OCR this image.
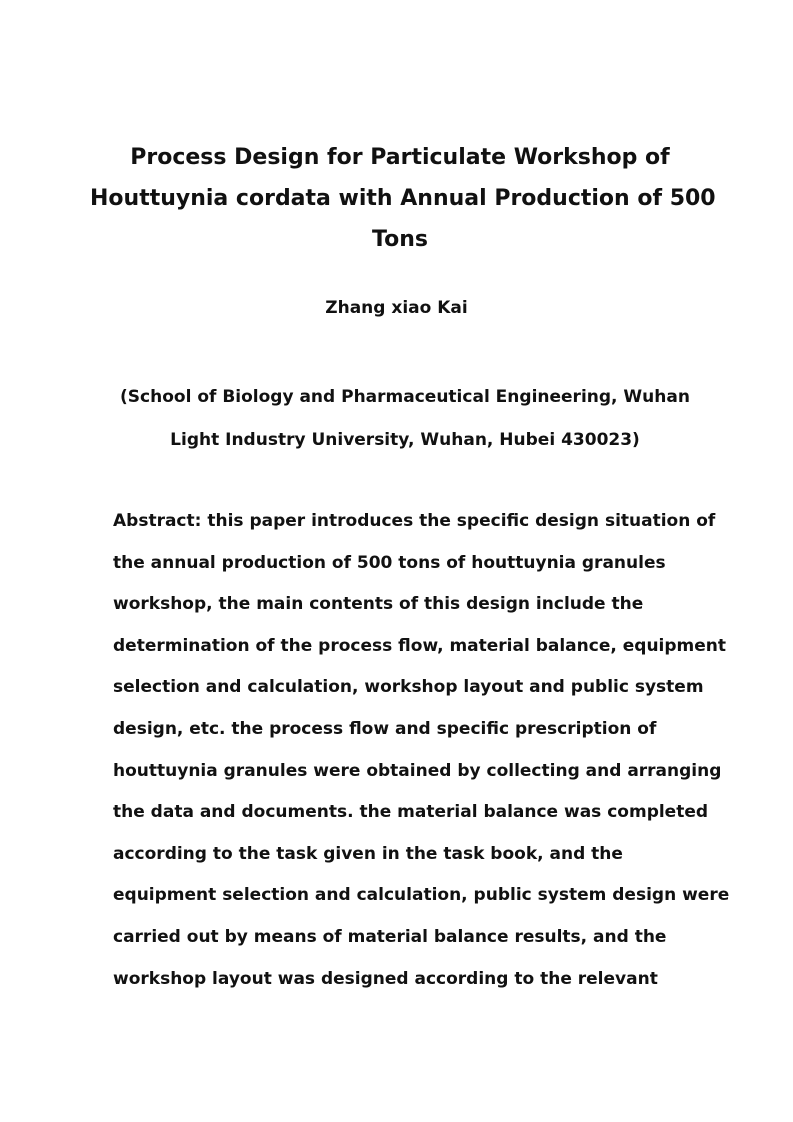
Process Design for Particulate Workshop of
Houttuynia cordata with Annual Production of 500
Tons
Zhang xiao Kai
(School of Biology and Pharmaceutical Engineering, Wuhan
Light Industry University, Wuhan, Hubei 430023)
Abstract: this paper introduces the specific design situation of
the annual production of 500 tons of houttuynia granules
workshop, the main contents of this design include the
determination of the process flow, material balance, equipment
selection and calculation, workshop layout and public system
design, etc. the process flow and specific prescription of
houttuynia granules were obtained by collecting and arranging
the data and documents. the material balance was completed
according to the task given in the task book, and the
equipment selection and calculation, public system design were
carried out by means of material balance results, and the
workshop layout was designed according to the relevant
